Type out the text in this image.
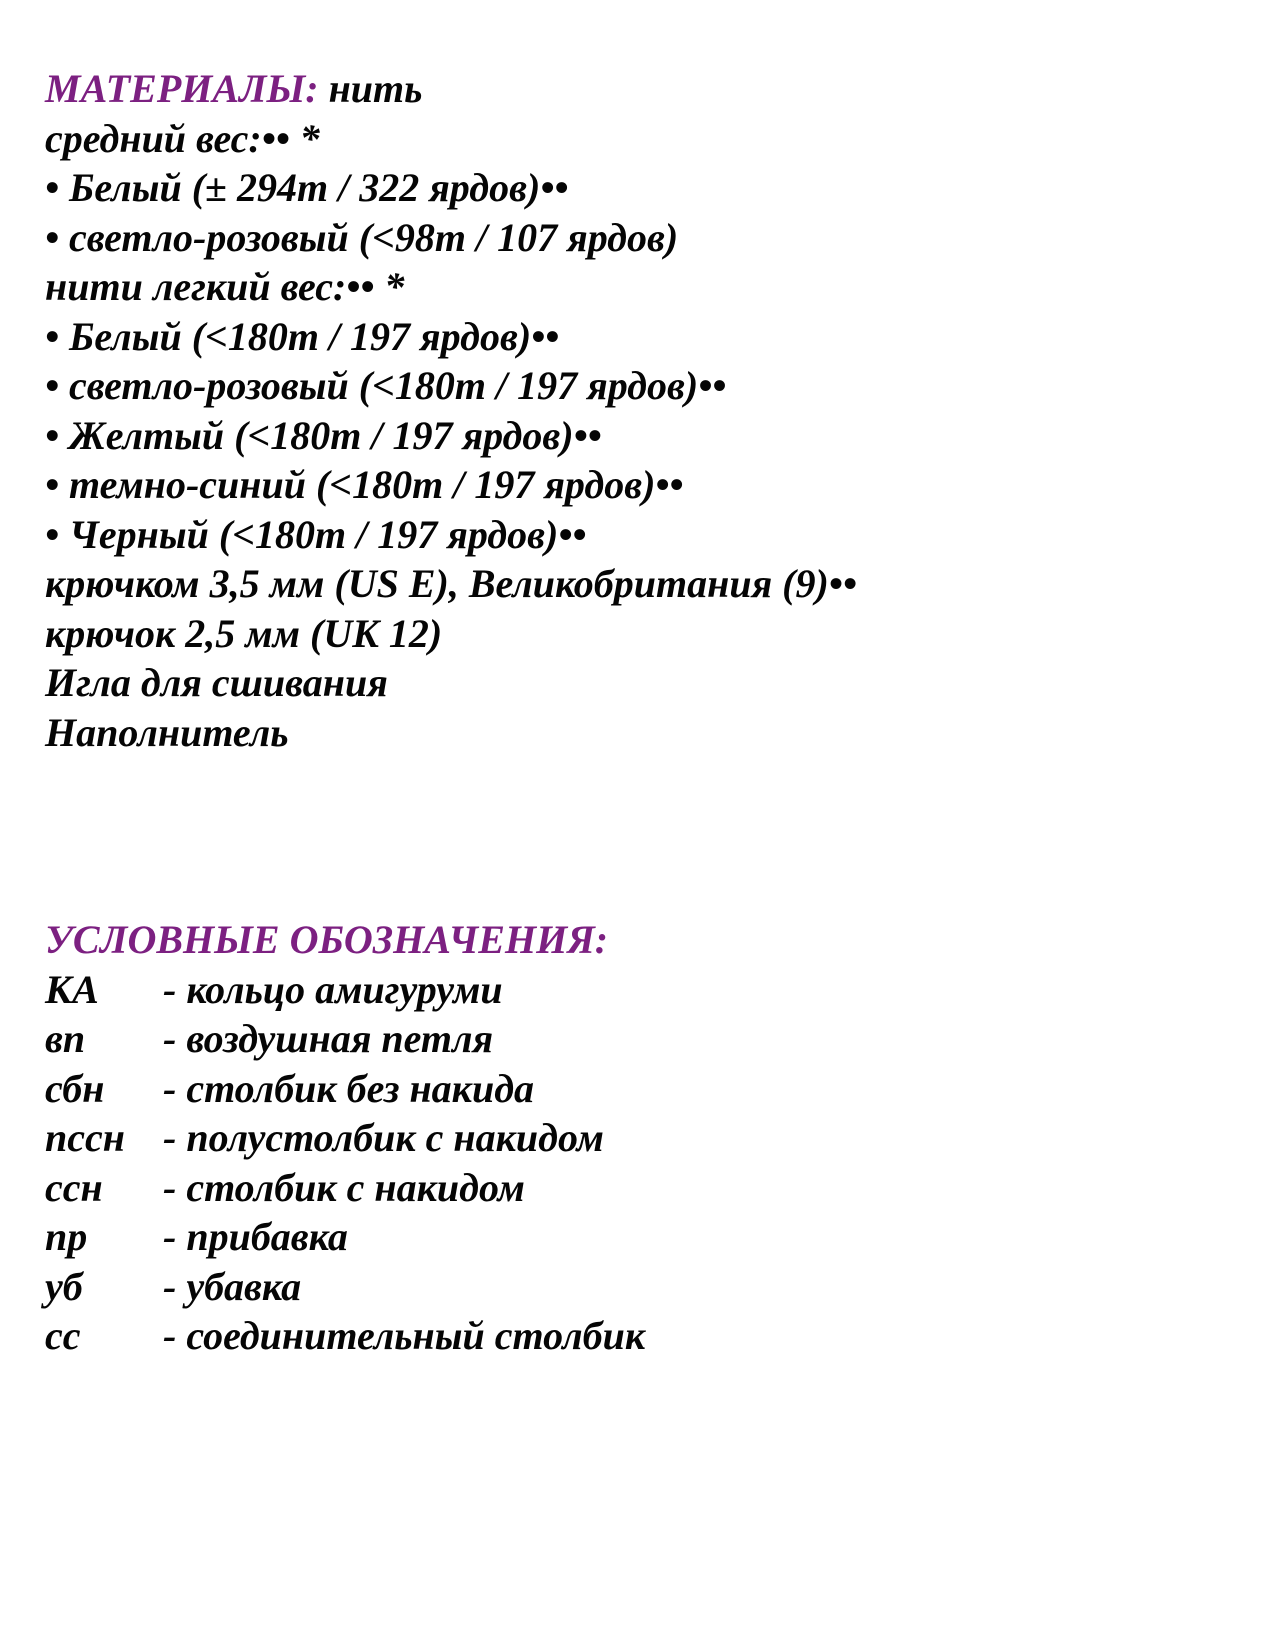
МАТЕРИАЛЫ: нить
средний вес:•• *
• Белый (± 294т / 322 ярдов)••
• светло-розовый (<98т / 107 ярдов)
нити легкий вес:•• *
• Белый (<180т / 197 ярдов)••
• светло-розовый (<180т / 197 ярдов)••
• Желтый (<180т / 197 ярдов)••
• темно-синий (<180т / 197 ярдов)••
• Черный (<180т / 197 ярдов)••
крючком 3,5 мм (US E), Великобритания (9)••
крючок 2,5 мм (UK 12)
Игла для сшивания
Наполнитель
УСЛОВНЫЕ ОБОЗНАЧЕНИЯ:
КА	- кольцо амигуруми
вп	- воздушная петля
сбн	- столбик без накида
пссн - полустолбик с накидом
ссн	- столбик с накидом
пр	- прибавка
уб	- убавка
сс	- соединительный столбик
